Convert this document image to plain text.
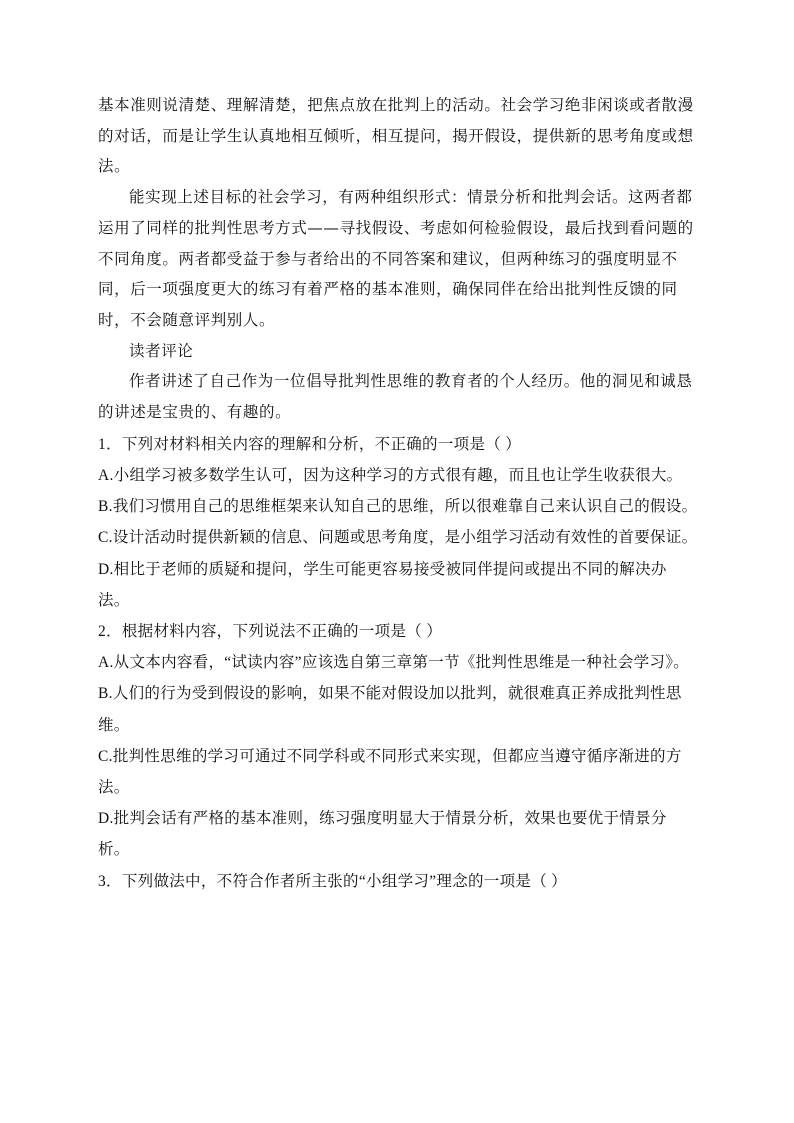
基本准则说清楚、理解清楚，把焦点放在批判上的活动。社会学习绝非闲谈或者散漫的对话，而是让学生认真地相互倾听，相互提问，揭开假设，提供新的思考角度或想法。

能实现上述目标的社会学习，有两种组织形式：情景分析和批判会话。这两者都运用了同样的批判性思考方式——寻找假设、考虑如何检验假设，最后找到看问题的不同角度。两者都受益于参与者给出的不同答案和建议，但两种练习的强度明显不同，后一项强度更大的练习有着严格的基本准则，确保同伴在给出批判性反馈的同时，不会随意评判别人。

读者评论

作者讲述了自己作为一位倡导批判性思维的教育者的个人经历。他的洞见和诚恳的讲述是宝贵的、有趣的。

1．下列对材料相关内容的理解和分析，不正确的一项是（ ）

A.小组学习被多数学生认可，因为这种学习的方式很有趣，而且也让学生收获很大。

B.我们习惯用自己的思维框架来认知自己的思维，所以很难靠自己来认识自己的假设。

C.设计活动时提供新颖的信息、问题或思考角度，是小组学习活动有效性的首要保证。

D.相比于老师的质疑和提问，学生可能更容易接受被同伴提问或提出不同的解决办法。

2．根据材料内容，下列说法不正确的一项是（ ）

A.从文本内容看，“试读内容”应该选自第三章第一节《批判性思维是一种社会学习》。

B.人们的行为受到假设的影响，如果不能对假设加以批判，就很难真正养成批判性思维。

C.批判性思维的学习可通过不同学科或不同形式来实现，但都应当遵守循序渐进的方法。

D.批判会话有严格的基本准则，练习强度明显大于情景分析，效果也要优于情景分析。

3．下列做法中，不符合作者所主张的“小组学习”理念的一项是（ ）
